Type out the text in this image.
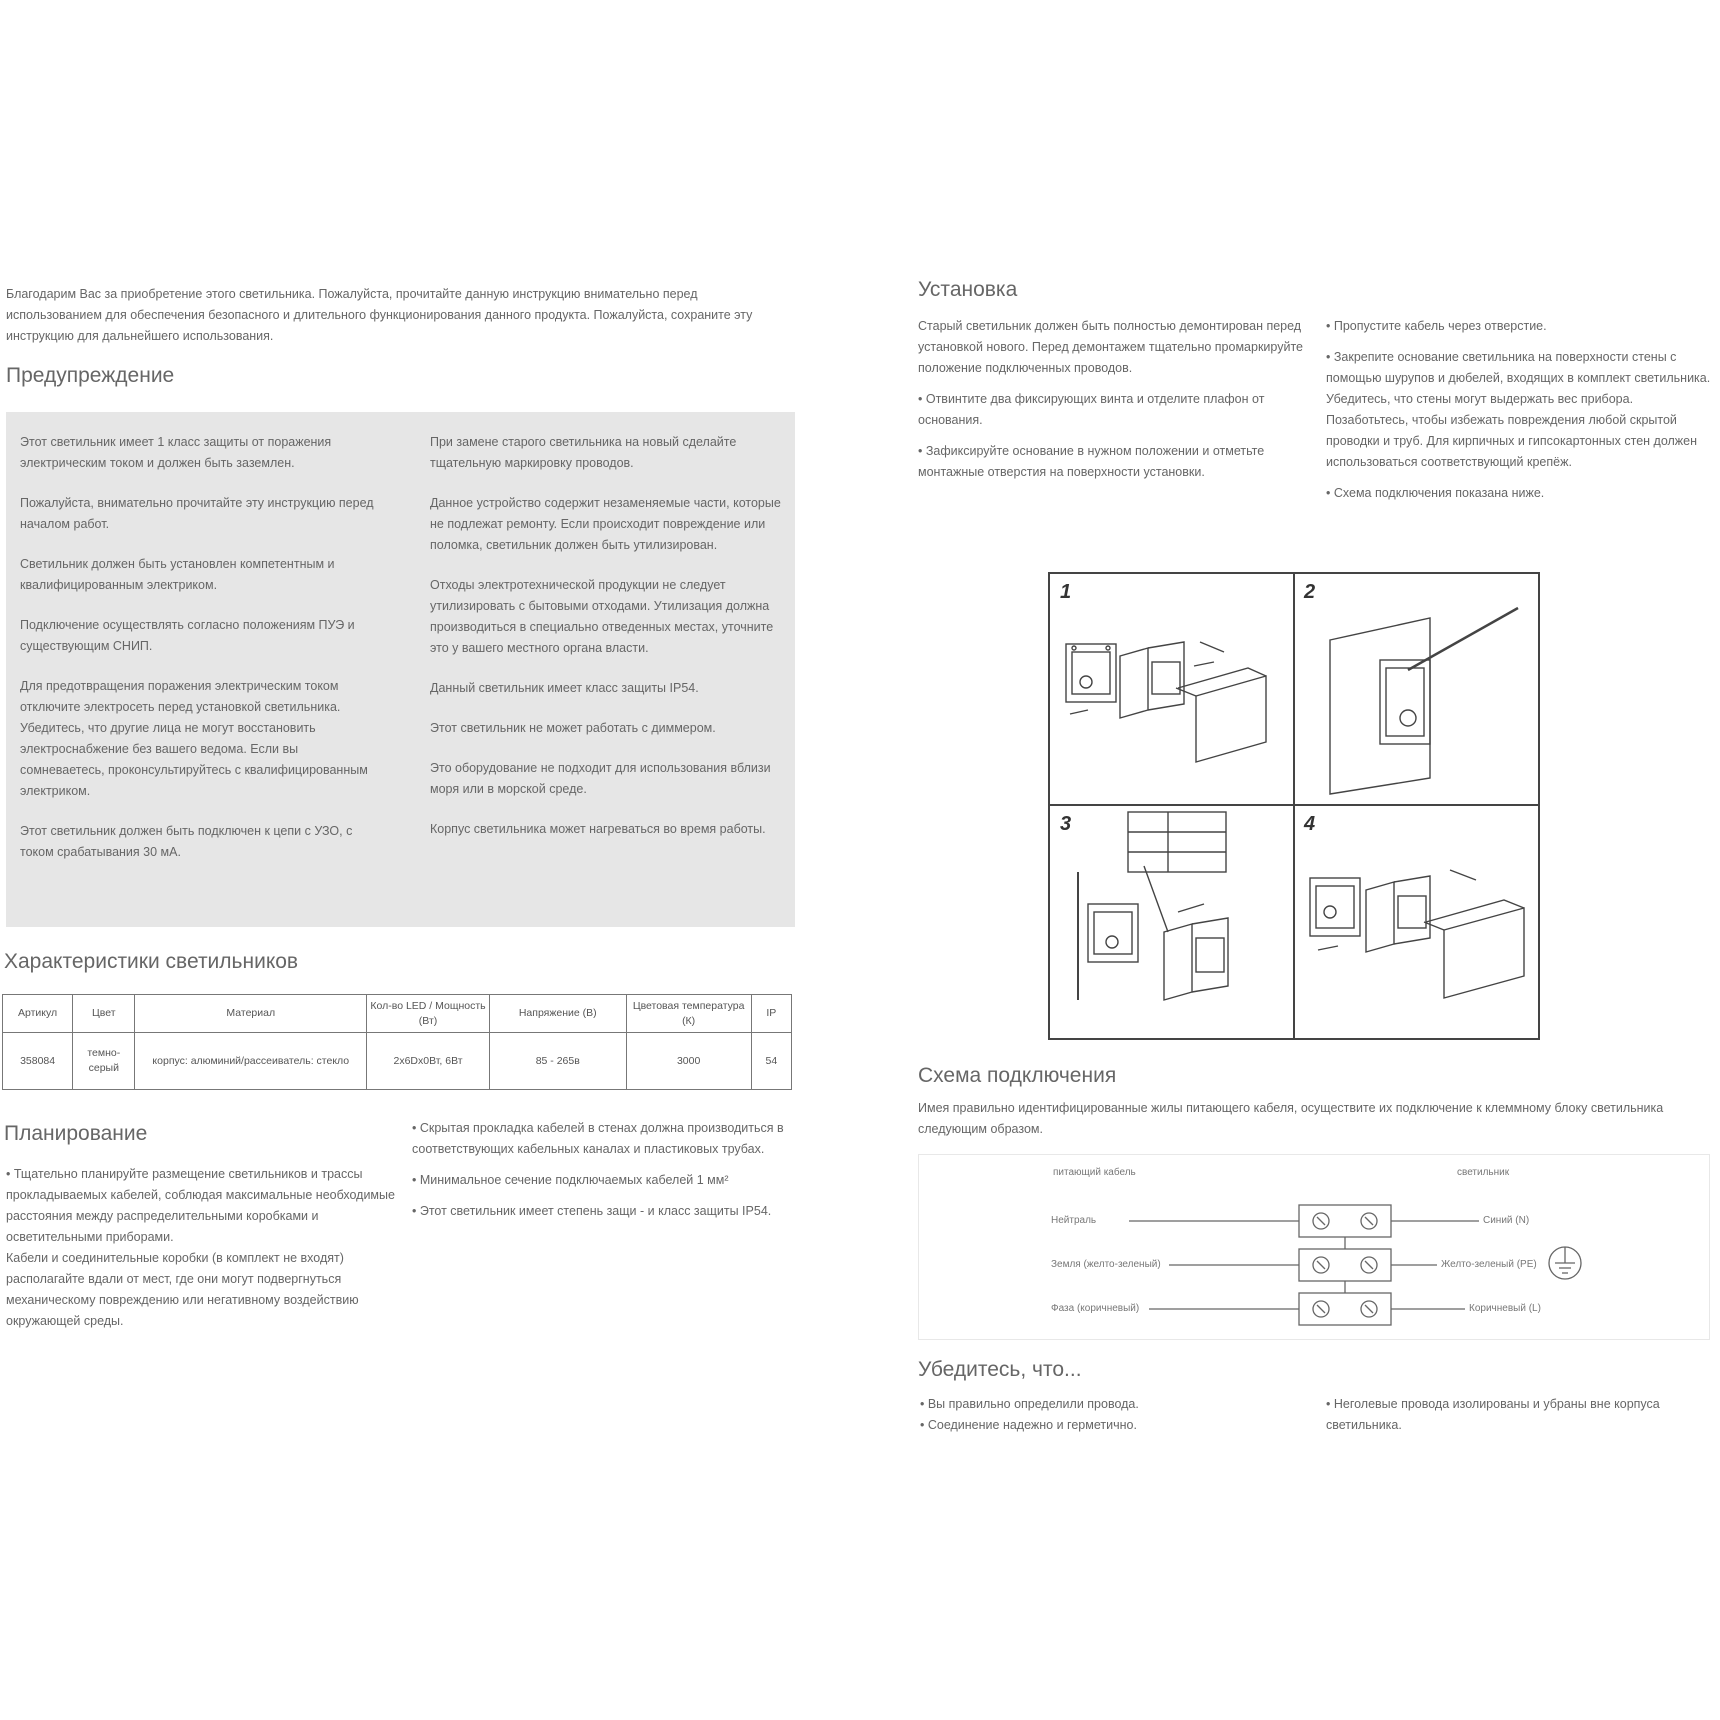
Благодарим Вас за приобретение этого светильника. Пожалуйста, прочитайте данную инструкцию внимательно перед использованием для обеспечения безопасного и длительного функционирования данного продукта. Пожалуйста, сохраните эту инструкцию для дальнейшего использования.
Предупреждение

Этот светильник имеет 1 класс защиты от поражения электрическим током и должен быть заземлен.

Пожалуйста, внимательно прочитайте эту инструкцию перед началом работ.

Светильник должен быть установлен компетентным и квалифицированным электриком.

Подключение осуществлять согласно положениям ПУЭ и существующим СНИП.

Для предотвращения поражения электрическим током отключите электросеть перед установкой светильника. Убедитесь, что другие лица не могут восстановить электроснабжение без вашего ведома. Если вы сомневаетесь, проконсультируйтесь с квалифицированным электриком.

Этот светильник должен быть подключен к цепи с УЗО, с током срабатывания 30 мА.

При замене старого светильника на новый сделайте тщательную маркировку проводов.

Данное устройство содержит незаменяемые части, которые не подлежат ремонту. Если происходит повреждение или поломка, светильник должен быть утилизирован.

Отходы электротехнической продукции не следует утилизировать с бытовыми отходами. Утилизация должна производиться в специально отведенных местах, уточните это у вашего местного органа власти.

Данный светильник имеет класс защиты IP54.

Этот светильник не может работать с диммером.

Это оборудование не подходит для использования вблизи моря или в морской среде.

Корпус светильника может нагреваться во время работы.

Характеристики светильников
Артикул	Цвет	Материал	Кол-во LED / Мощность (Вт)	Напряжение (В)	Цветовая температура (К)	IP
358084	темно-серый	корпус: алюминий/рассеиватель: стекло	2x6Dx0Вт, 6Вт	85 - 265в	3000	54
Планирование

• Тщательно планируйте размещение светильников и трассы прокладываемых кабелей, соблюдая максимальные необходимые расстояния между распределительными коробками и осветительными приборами.

Кабели и соединительные коробки (в комплект не входят) располагайте вдали от мест, где они могут подвергнуться механическому повреждению или негативному воздействию окружающей среды.

• Скрытая прокладка кабелей в стенах должна производиться в соответствующих кабельных каналах и пластиковых трубах.

• Минимальное сечение подключаемых кабелей 1 мм²

• Этот светильник имеет степень защи - и класс защиты IP54.

Установка

Старый светильник должен быть полностью демонтирован перед установкой нового. Перед демонтажем тщательно промаркируйте положение подключенных проводов.

• Отвинтите два фиксирующих винта и отделите плафон от основания.

• Зафиксируйте основание в нужном положении и отметьте монтажные отверстия на поверхности установки.

• Пропустите кабель через отверстие.

• Закрепите основание светильника на поверхности стены с помощью шурупов и дюбелей, входящих в комплект светильника. Убедитесь, что стены могут выдержать вес прибора. Позаботьтесь, чтобы избежать повреждения любой скрытой проводки и труб. Для кирпичных и гипсокартонных стен должен использоваться соответствующий крепёж.

• Схема подключения показана ниже.

1	2
3	4
Схема подключения
Имея правильно идентифицированные жилы питающего кабеля, осуществите их подключение к клеммному блоку светильника следующим образом.
питающий кабель	светильник
Нейтраль
Земля (желто-зеленый)
Фаза (коричневый)
Синий (N)
Желто-зеленый (PE)
Коричневый (L)
Убедитесь, что...

• Вы правильно определили провода.

• Соединение надежно и герметично.

• Неголевые провода изолированы и убраны вне корпуса светильника.
